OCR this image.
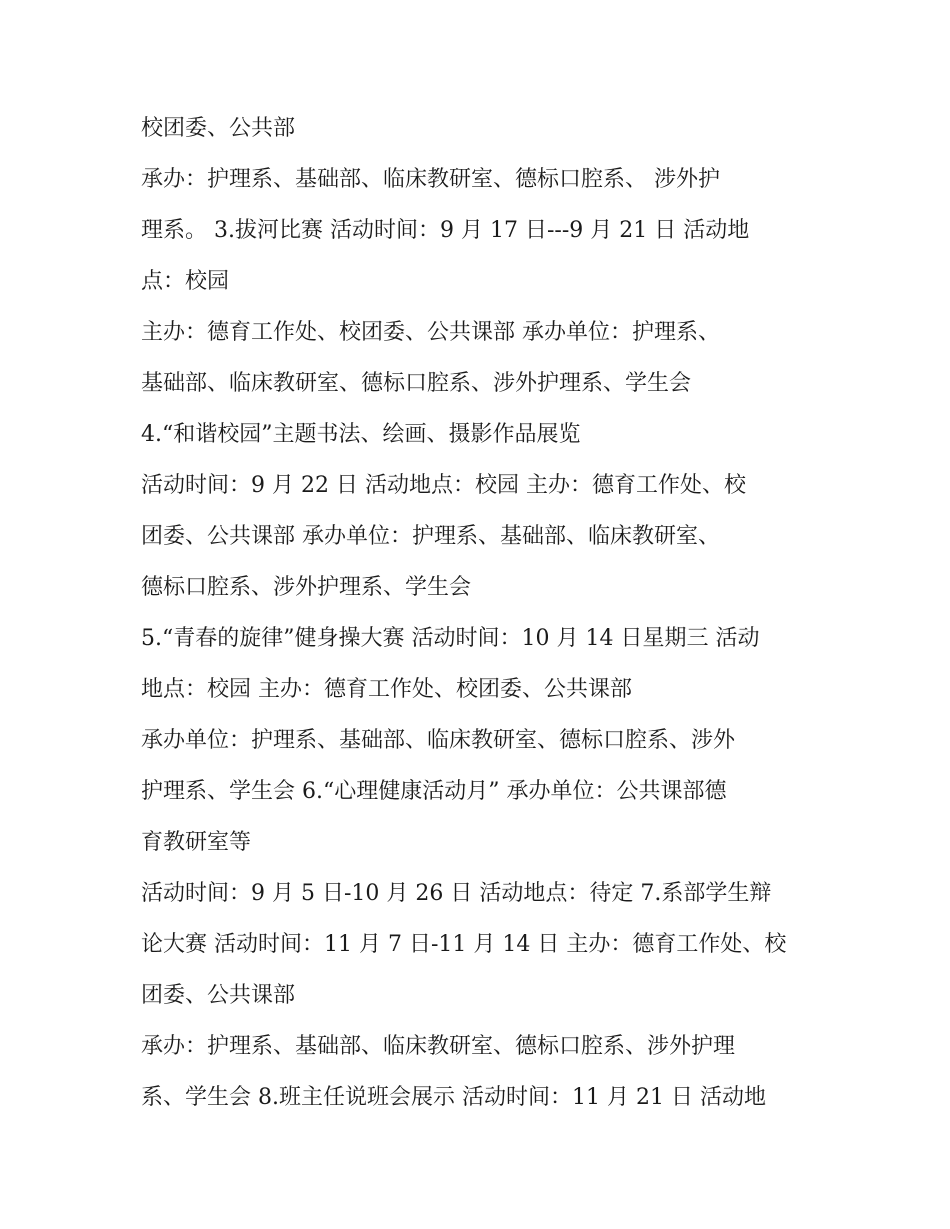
校团委、公共部
承办：护理系、基础部、临床教研室、德标口腔系、 涉外护
理系。 3.拔河比赛 活动时间：9 月 17 日---9 月 21 日 活动地
点：校园
主办：德育工作处、校团委、公共课部 承办单位：护理系、
基础部、临床教研室、德标口腔系、涉外护理系、学生会
4.“和谐校园”主题书法、绘画、摄影作品展览
活动时间：9 月 22 日 活动地点：校园 主办：德育工作处、校
团委、公共课部 承办单位：护理系、基础部、临床教研室、
德标口腔系、涉外护理系、学生会
5.“青春的旋律”健身操大赛 活动时间：10 月 14 日星期三 活动
地点：校园 主办：德育工作处、校团委、公共课部
承办单位：护理系、基础部、临床教研室、德标口腔系、涉外
护理系、学生会 6.“心理健康活动月” 承办单位：公共课部德
育教研室等
活动时间：9 月 5 日-10 月 26 日 活动地点：待定 7.系部学生辩
论大赛 活动时间：11 月 7 日-11 月 14 日 主办：德育工作处、校
团委、公共课部
承办：护理系、基础部、临床教研室、德标口腔系、涉外护理
系、学生会 8.班主任说班会展示 活动时间：11 月 21 日 活动地
